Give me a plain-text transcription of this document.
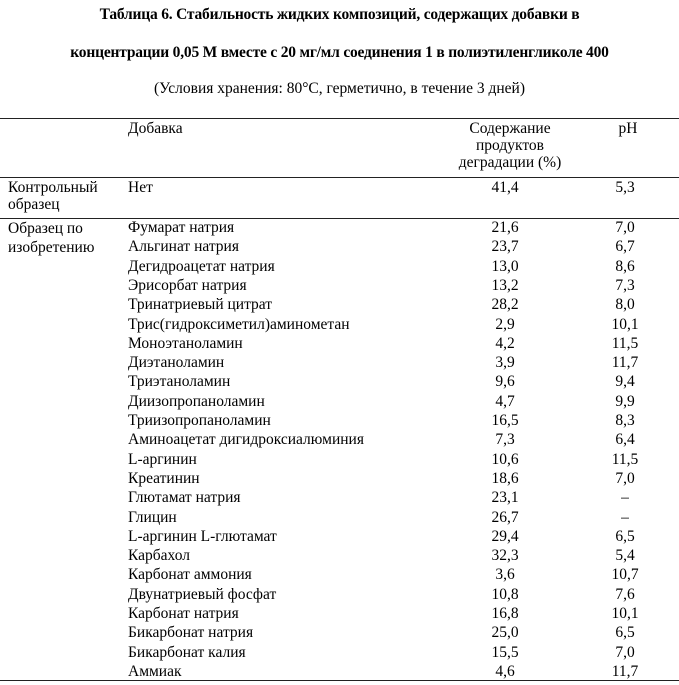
Таблица 6. Стабильность жидких композиций, содержащих добавки в
концентрации 0,05 М вместе с 20 мг/мл соединения 1 в полиэтиленгликоле 400
(Условия хранения: 80°С, герметично, в течение 3 дней)
Добавка	Содержание
продуктов
деградации (%)
pH
Контрольный
образец
Нет	41,4	5,3
Образец по
изобретению
Фумарат натрия	21,6	7,0
Альгинат натрия	23,7	6,7
Дегидроацетат натрия	13,0	8,6
Эрисорбат натрия	13,2	7,3
Тринатриевый цитрат	28,2	8,0
Трис(гидроксиметил)аминометан	2,9	10,1
Моноэтаноламин	4,2	11,5
Диэтаноламин	3,9	11,7
Триэтаноламин	9,6	9,4
Диизопропаноламин	4,7	9,9
Триизопропаноламин	16,5	8,3
Аминоацетат дигидроксиалюминия	7,3	6,4
L-аргинин	10,6	11,5
Креатинин	18,6	7,0
Глютамат натрия	23,1	–
Глицин	26,7	–
L-аргинин L-глютамат	29,4	6,5
Карбахол	32,3	5,4
Карбонат аммония	3,6	10,7
Двунатриевый фосфат	10,8	7,6
Карбонат натрия	16,8	10,1
Бикарбонат натрия	25,0	6,5
Бикарбонат калия	15,5	7,0
Аммиак	4,6	11,7
